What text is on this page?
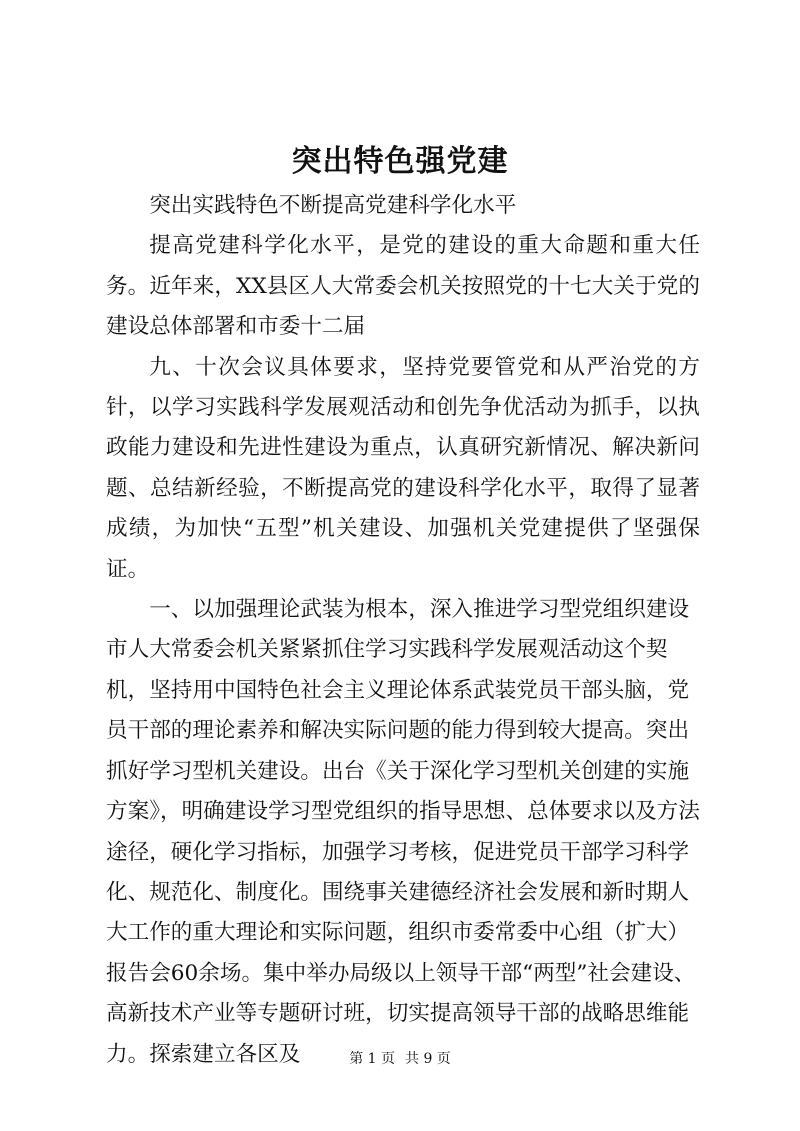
突出特色强党建

突出实践特色不断提高党建科学化水平

提高党建科学化水平，是党的建设的重大命题和重大任务。近年来，XX县区人大常委会机关按照党的十七大关于党的建设总体部署和市委十二届

九、十次会议具体要求，坚持党要管党和从严治党的方针，以学习实践科学发展观活动和创先争优活动为抓手，以执政能力建设和先进性建设为重点，认真研究新情况、解决新问题、总结新经验，不断提高党的建设科学化水平，取得了显著成绩，为加快“五型”机关建设、加强机关党建提供了坚强保证。

一、以加强理论武装为根本，深入推进学习型党组织建设市人大常委会机关紧紧抓住学习实践科学发展观活动这个契机，坚持用中国特色社会主义理论体系武装党员干部头脑，党员干部的理论素养和解决实际问题的能力得到较大提高。突出抓好学习型机关建设。出台《关于深化学习型机关创建的实施方案》，明确建设学习型党组织的指导思想、总体要求以及方法途径，硬化学习指标，加强学习考核，促进党员干部学习科学化、规范化、制度化。围绕事关建德经济社会发展和新时期人大工作的重大理论和实际问题，组织市委常委中心组（扩大）报告会60余场。集中举办局级以上领导干部“两型”社会建设、高新技术产业等专题研讨班，切实提高领导干部的战略思维能力。探索建立各区及	第 1 页 共 9 页
